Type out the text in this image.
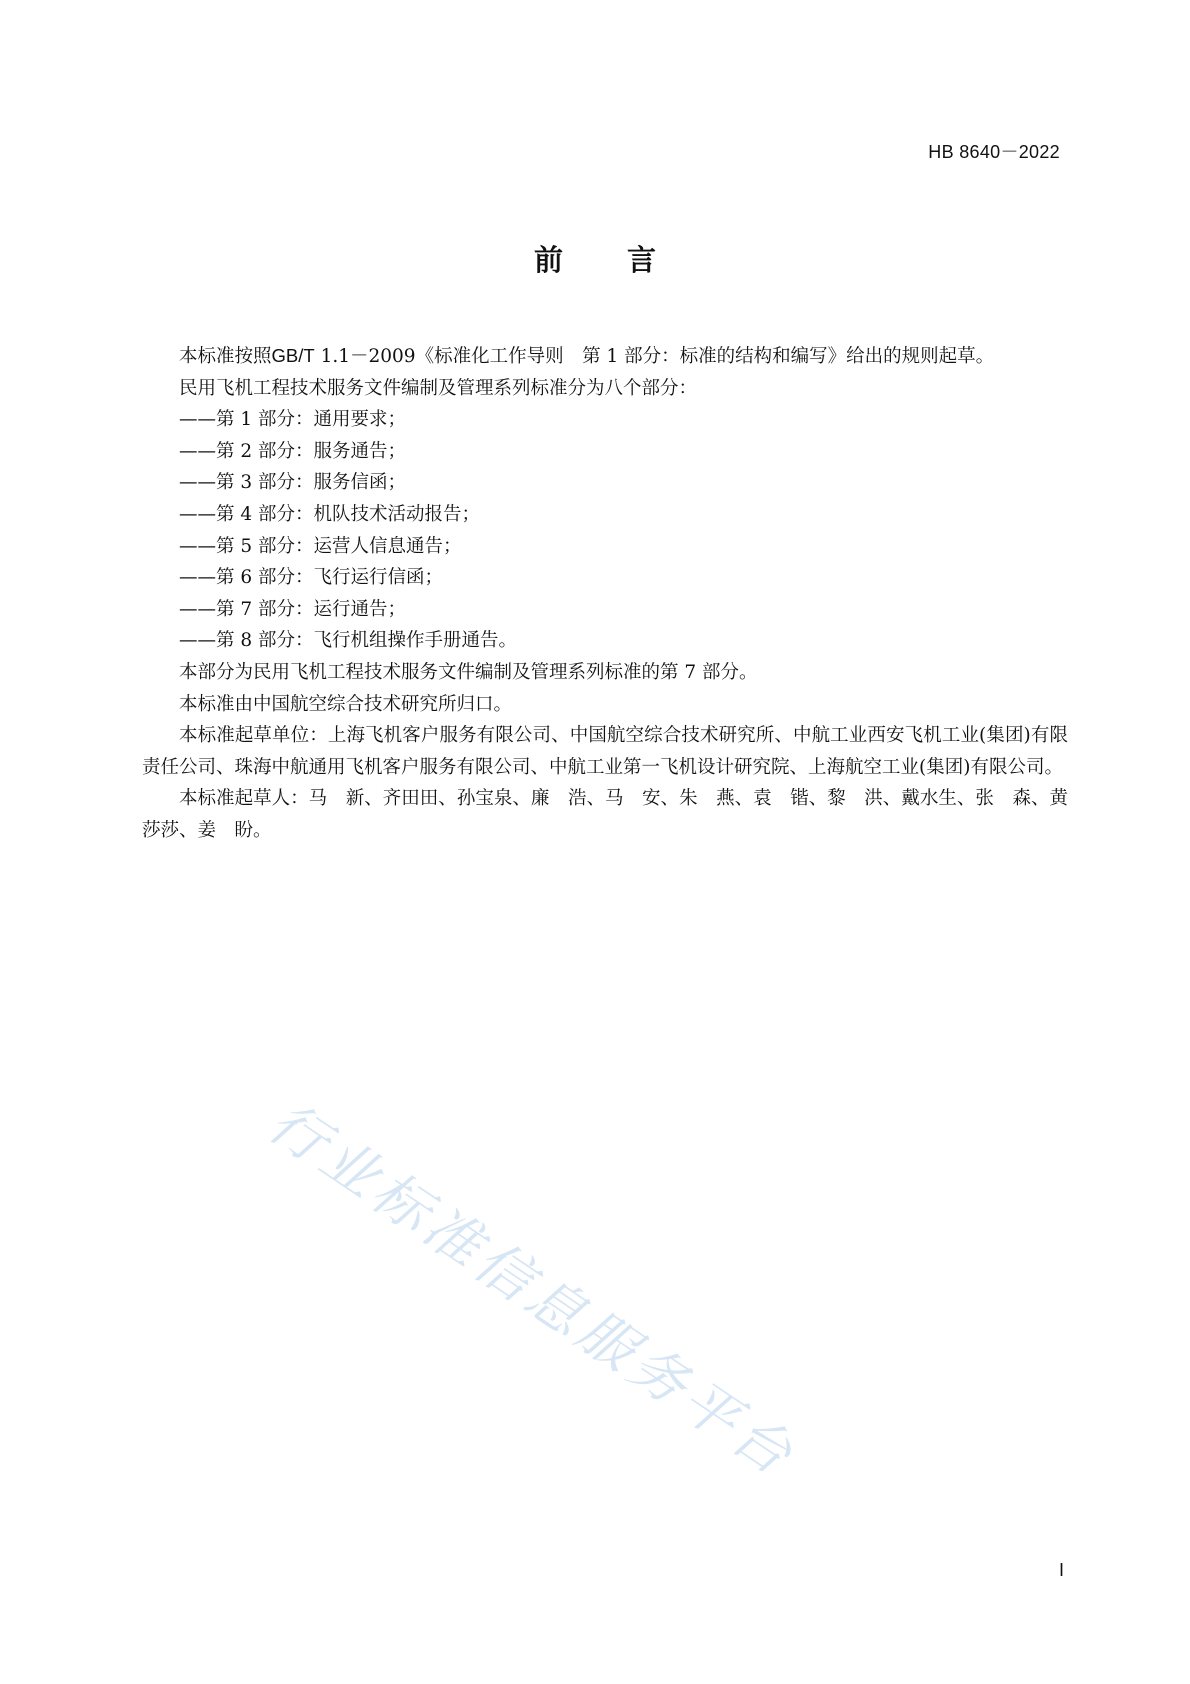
HB 8640－2022
前言

本标准按照GB/T 1.1－2009《标准化工作导则　第 1 部分：标准的结构和编写》给出的规则起草。

民用飞机工程技术服务文件编制及管理系列标准分为八个部分：

——第 1 部分：通用要求；

——第 2 部分：服务通告；

——第 3 部分：服务信函；

——第 4 部分：机队技术活动报告；

——第 5 部分：运营人信息通告；

——第 6 部分：飞行运行信函；

——第 7 部分：运行通告；

——第 8 部分：飞行机组操作手册通告。

本部分为民用飞机工程技术服务文件编制及管理系列标准的第 7 部分。

本标准由中国航空综合技术研究所归口。

本标准起草单位：上海飞机客户服务有限公司、中国航空综合技术研究所、中航工业西安飞机工业(集团)有限责任公司、珠海中航通用飞机客户服务有限公司、中航工业第一飞机设计研究院、上海航空工业(集团)有限公司。

本标准起草人：马　新、齐田田、孙宝泉、廉　浩、马　安、朱　燕、袁　锴、黎　洪、戴水生、张　森、黄莎莎、姜　盼。

行业标准信息服务平台
I
